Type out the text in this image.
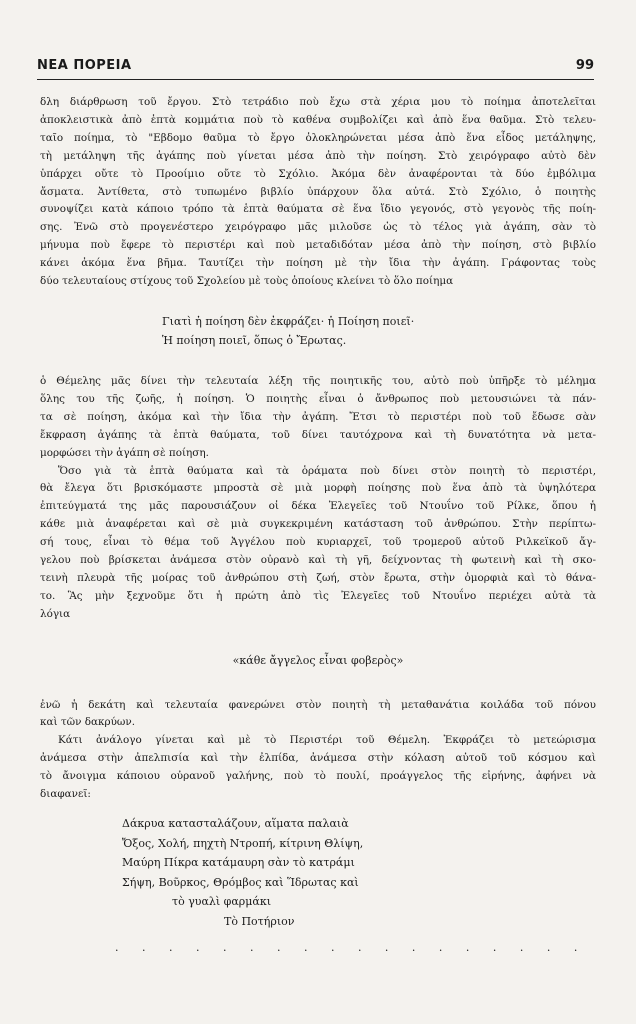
ΝΕΑ ΠΟΡΕΙΑ	99
δλη διάρθρωση τοῦ ἔργου. Στὸ τετράδιο ποὺ ἔχω στὰ χέρια μου τὸ ποίημα ἀποτελεῖται
ἀποκλειστικὰ ἀπὸ ἑπτὰ κομμάτια ποὺ τὸ καθένα συμβολίζει καὶ ἀπὸ ἕνα θαῦμα. Στὸ τελευ-
ταῖο ποίημα, τὸ "Εβδομο θαῦμα τὸ ἔργο ὁλοκληρώνεται μέσα ἀπὸ ἕνα εἶδος μετάληψης,
τὴ μετάληψη τῆς ἀγάπης ποὺ γίνεται μέσα ἀπὸ τὴν ποίηση. Στὸ χειρόγραφο αὐτὸ δὲν
ὑπάρχει οὔτε τὸ Προοίμιο οὔτε τὸ Σχόλιο. Ἀκόμα δὲν ἀναφέρονται τὰ δύο ἐμβόλιμα
ἄσματα. Ἀντίθετα, στὸ τυπωμένο βιβλίο ὑπάρχουν ὅλα αὐτά. Στὸ Σχόλιο, ὁ ποιητὴς
συνοψίζει κατὰ κάποιο τρόπο τὰ ἑπτὰ θαύματα σὲ ἕνα ἴδιο γεγονός, στὸ γεγονὸς τῆς ποίη-
σης. Ἐνῶ στὸ προγενέστερο χειρόγραφο μᾶς μιλοῦσε ὡς τὸ τέλος γιὰ ἀγάπη, σὰν τὸ
μήνυμα ποὺ ἔφερε τὸ περιστέρι καὶ ποὺ μεταδιδόταν μέσα ἀπὸ τὴν ποίηση, στὸ βιβλίο
κάνει ἀκόμα ἕνα βῆμα. Ταυτίζει τὴν ποίηση μὲ τὴν ἴδια τὴν ἀγάπη. Γράφοντας τοὺς
δύο τελευταίους στίχους τοῦ Σχολείου μὲ τοὺς ὁποίους κλείνει τὸ ὅλο ποίημα
Γιατὶ ἡ ποίηση δὲν ἐκφράζει· ἡ Ποίηση ποιεῖ·
Ἡ ποίηση ποιεῖ, ὅπως ὁ Ἔρωτας.
ὁ Θέμελης μᾶς δίνει τὴν τελευταία λέξη τῆς ποιητικῆς του, αὐτὸ ποὺ ὑπῆρξε τὸ μέλημα
ὅλης του τῆς ζωῆς, ἡ ποίηση. Ὁ ποιητὴς εἶναι ὁ ἄνθρωπος ποὺ μετουσιώνει τὰ πάν-
τα σὲ ποίηση, ἀκόμα καὶ τὴν ἴδια τὴν ἀγάπη. Ἔτσι τὸ περιστέρι ποὺ τοῦ ἔδωσε σὰν
ἔκφραση ἀγάπης τὰ ἑπτὰ θαύματα, τοῦ δίνει ταυτόχρονα καὶ τὴ δυνατότητα νὰ μετα-
μορφώσει τὴν ἀγάπη σὲ ποίηση.
Ὅσο γιὰ τὰ ἑπτὰ θαύματα καὶ τὰ ὁράματα ποὺ δίνει στὸν ποιητὴ τὸ περιστέρι,
θὰ ἔλεγα ὅτι βρισκόμαστε μπροστὰ σὲ μιὰ μορφὴ ποίησης ποὺ ἕνα ἀπὸ τὰ ὑψηλότερα
ἐπιτεύγματά της μᾶς παρουσιάζουν οἱ δέκα Ἐλεγεῖες τοῦ Ντουΐνο τοῦ Ρίλκε, ὅπου ἡ
κάθε μιὰ ἀναφέρεται καὶ σὲ μιὰ συγκεκριμένη κατάσταση τοῦ ἀνθρώπου. Στὴν περίπτω-
σή τους, εἶναι τὸ θέμα τοῦ Ἀγγέλου ποὺ κυριαρχεῖ, τοῦ τρομεροῦ αὐτοῦ Ριλκεϊκοῦ ἄγ-
γελου ποὺ βρίσκεται ἀνάμεσα στὸν οὐρανὸ καὶ τὴ γῆ, δείχνοντας τὴ φωτεινὴ καὶ τὴ σκο-
τεινὴ πλευρὰ τῆς μοίρας τοῦ ἀνθρώπου στὴ ζωή, στὸν ἔρωτα, στὴν ὀμορφιὰ καὶ τὸ θάνα-
το. Ἂς μὴν ξεχνοῦμε ὅτι ἡ πρώτη ἀπὸ τὶς Ἐλεγεῖες τοῦ Ντουΐνο περιέχει αὐτὰ τὰ
λόγια
«κάθε ἄγγελος εἶναι φοβερὸς»
ἐνῶ ἡ δεκάτη καὶ τελευταία φανερώνει στὸν ποιητὴ τὴ μεταθανάτια κοιλάδα τοῦ πόνου
καὶ τῶν δακρύων.
Κάτι ἀνάλογο γίνεται καὶ μὲ τὸ Περιστέρι τοῦ Θέμελη. Ἐκφράζει τὸ μετεώρισμα
ἀνάμεσα στὴν ἀπελπισία καὶ τὴν ἐλπίδα, ἀνάμεσα στὴν κόλαση αὐτοῦ τοῦ κόσμου καὶ
τὸ ἄνοιγμα κάποιου οὐρανοῦ γαλήνης, ποὺ τὸ πουλί, προάγγελος τῆς εἰρήνης, ἀφήνει νὰ
διαφανεῖ:
Δάκρυα κατασταλάζουν, αἵματα παλαιὰ
Ὄξος, Χολή, πηχτὴ Ντροπή, κίτρινη Θλίψη,
Μαύρη Πίκρα κατάμαυρη σὰν τὸ κατράμι
Σήψη, Βοῦρκος, Θρόμβος καὶ Ἵδρωτας καὶ
τὸ γυαλὶ φαρμάκι
Τὸ Ποτήριον
. . . . . . . . . . . . . . . . . .
